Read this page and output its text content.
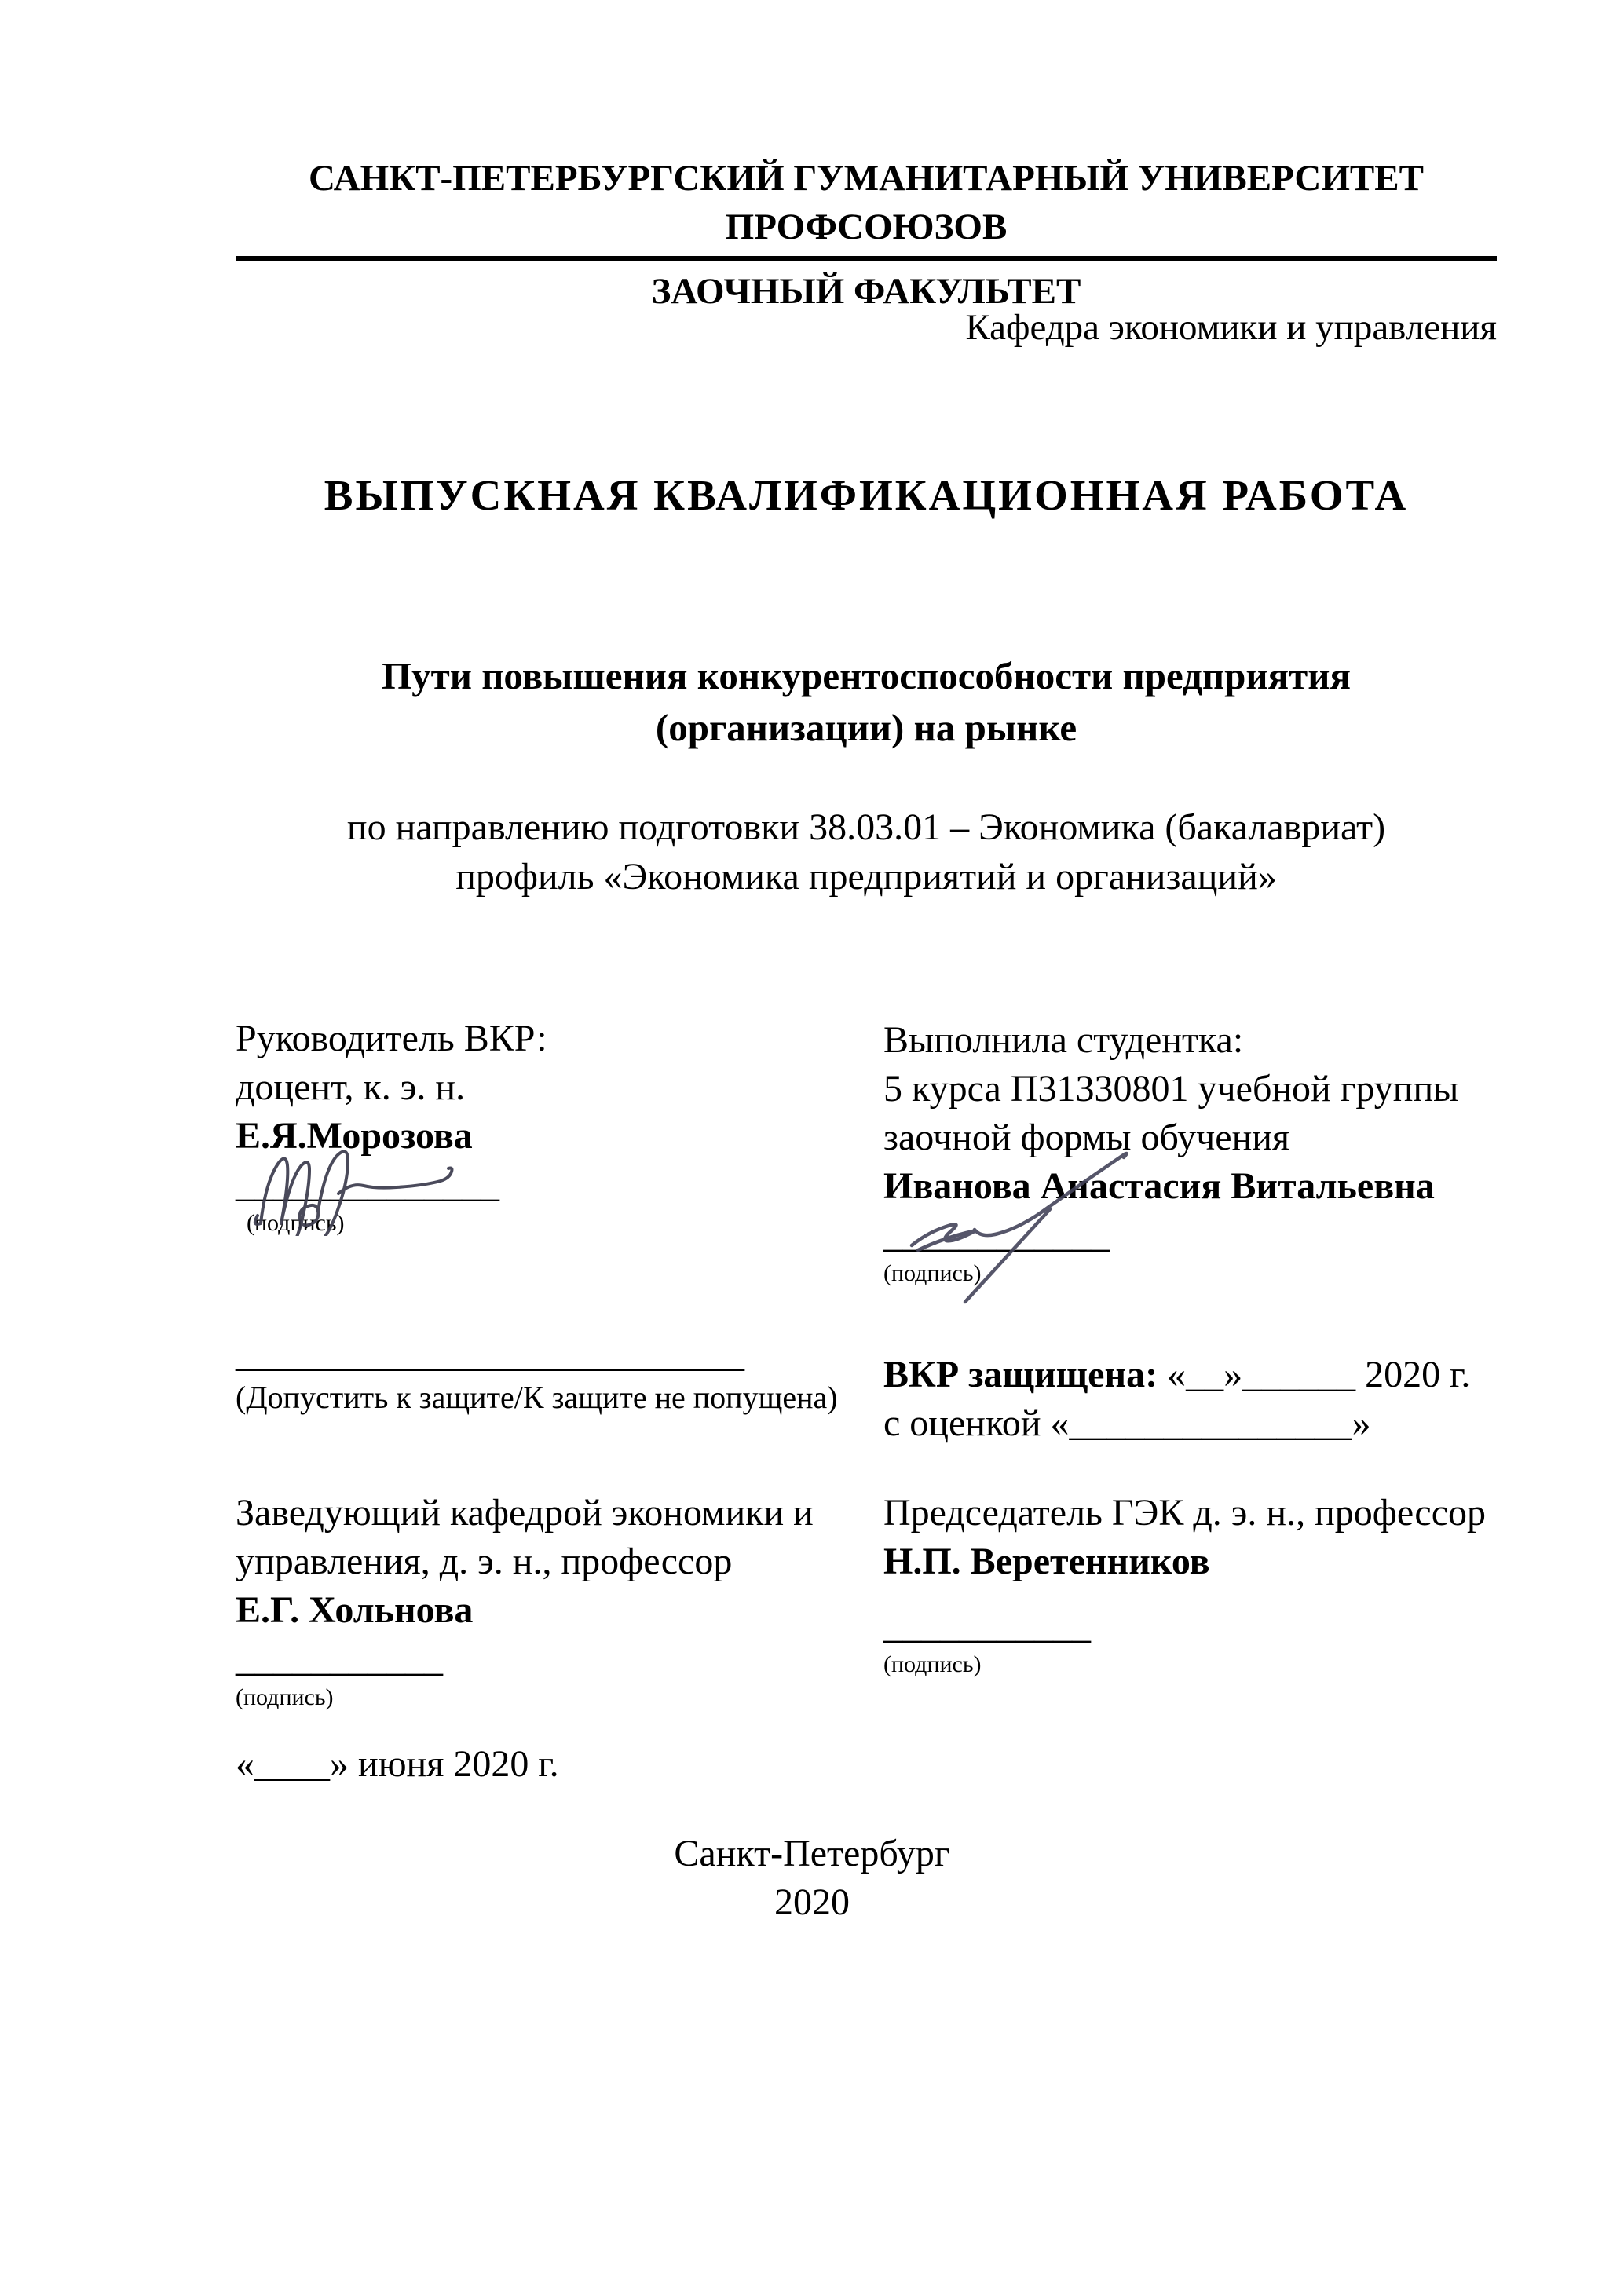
САНКТ-ПЕТЕРБУРГСКИЙ ГУМАНИТАРНЫЙ УНИВЕРСИТЕТ ПРОФСОЮЗОВ
ЗАОЧНЫЙ ФАКУЛЬТЕТ
Кафедра экономики и управления
ВЫПУСКНАЯ КВАЛИФИКАЦИОННАЯ РАБОТА
Пути повышения конкурентоспособности предприятия
(организации) на рынке
по направлению подготовки 38.03.01 – Экономика (бакалавриат)
профиль «Экономика предприятий и организаций»

Руководитель ВКР:

доцент, к. э. н.

Е.Я.Морозова

______________

(подпись)

___________________________

(Допустить к защите/К защите не попущена)

Заведующий кафедрой экономики и

управления, д. э. н., профессор

Е.Г. Хольнова

___________

(подпись)

«____» июня 2020 г.

Выполнила студентка:

5 курса П31330801 учебной группы

заочной формы обучения

Иванова Анастасия Витальевна

____________

(подпись)

ВКР защищена: «__»______ 2020 г.

с оценкой «_______________»

Председатель ГЭК д. э. н., профессор

Н.П. Веретенников

___________

(подпись)

Санкт-Петербург
2020
